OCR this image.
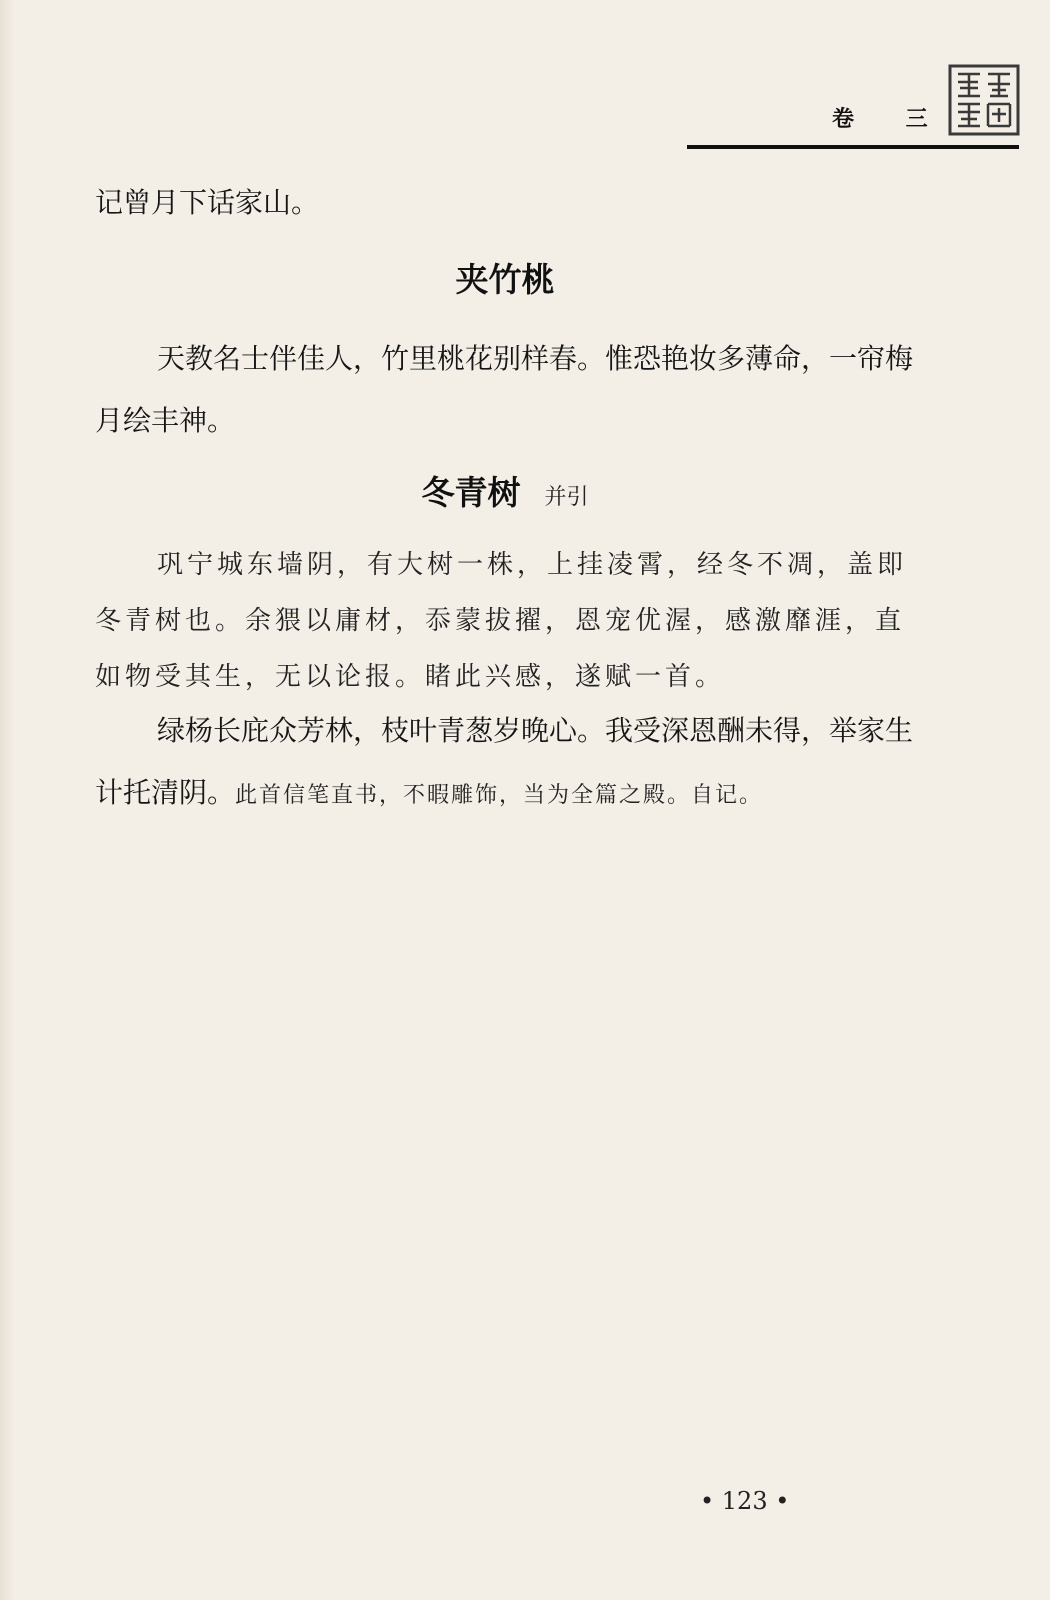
卷 三
记曾月下话家山。
夹竹桃
天教名士伴佳人，竹里桃花别样春。惟恐艳妆多薄命，一帘梅月绘丰神。
冬青树 并引
巩宁城东墙阴，有大树一株，上挂凌霄，经冬不凋，盖即冬青树也。余猥以庸材，忝蒙拔擢，恩宠优渥，感激靡涯，直如物受其生，无以论报。睹此兴感，遂赋一首。
绿杨长庇众芳林，枝叶青葱岁晚心。我受深恩酬未得，举家生计托清阴。此首信笔直书，不暇雕饰，当为全篇之殿。自记。
• 123 •
